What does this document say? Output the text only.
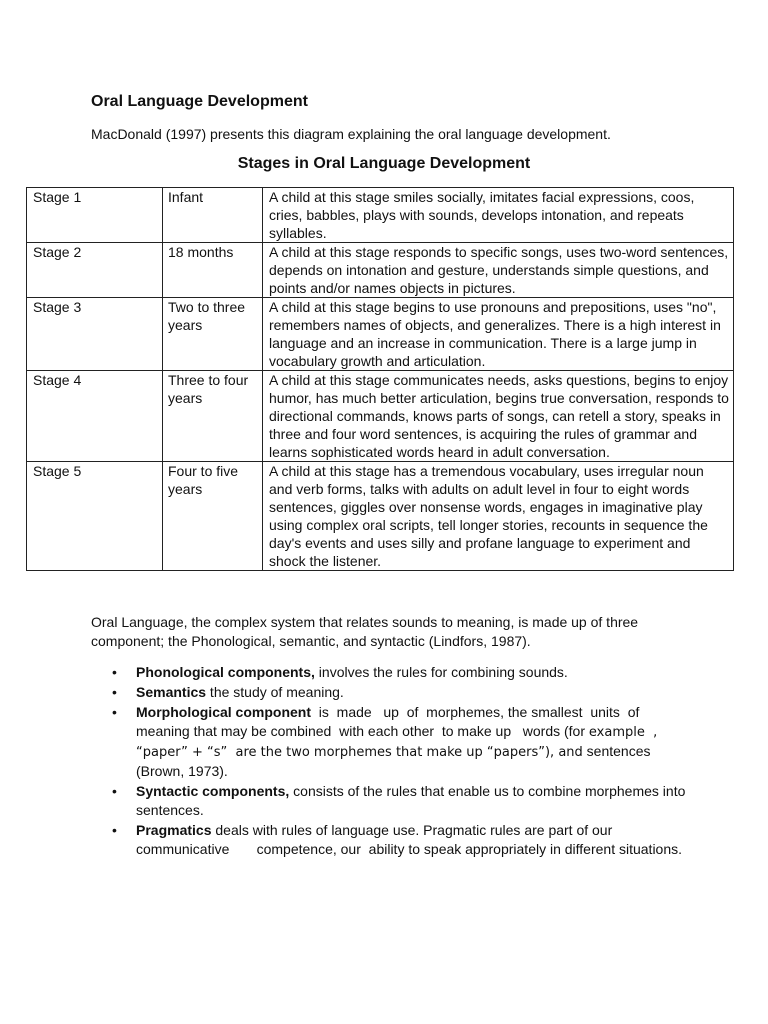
Oral Language Development

MacDonald (1997) presents this diagram explaining the oral language development.

Stages in Oral Language Development
Stage 1	Infant	A child at this stage smiles socially, imitates facial expressions, coos, cries, babbles, plays with sounds, develops intonation, and repeats syllables.
Stage 2	18 months	A child at this stage responds to specific songs, uses two-word sentences, depends on intonation and gesture, understands simple questions, and points and/or names objects in pictures.
Stage 3	Two to three years	A child at this stage begins to use pronouns and prepositions, uses "no", remembers names of objects, and generalizes. There is a high interest in language and an increase in communication. There is a large jump in vocabulary growth and articulation.
Stage 4	Three to four years	A child at this stage communicates needs, asks questions, begins to enjoy humor, has much better articulation, begins true conversation, responds to directional commands, knows parts of songs, can retell a story, speaks in three and four word sentences, is acquiring the rules of grammar and learns sophisticated words heard in adult conversation.
Stage 5	Four to five years	A child at this stage has a tremendous vocabulary, uses irregular noun and verb forms, talks with adults on adult level in four to eight words sentences, giggles over nonsense words, engages in imaginative play using complex oral scripts, tell longer stories, recounts in sequence the day's events and uses silly and profane language to experiment and shock the listener.

Oral Language, the complex system that relates sounds to meaning, is made up of three component; the Phonological, semantic, and syntactic (Lindfors, 1987).

• Phonological components, involves the rules for combining sounds.
• Semantics the study of meaning.
• Morphological component  is  made   up  of  morphemes, the smallest  units  of meaning that may be combined  with each other  to make up   words (for example  , “paper” + “s”  are the two morphemes that make up “papers”), and sentences (Brown, 1973).
• Syntactic components, consists of the rules that enable us to combine morphemes into sentences.
• Pragmatics deals with rules of language use. Pragmatic rules are part of our communicative       competence, our  ability to speak appropriately in different situations.
